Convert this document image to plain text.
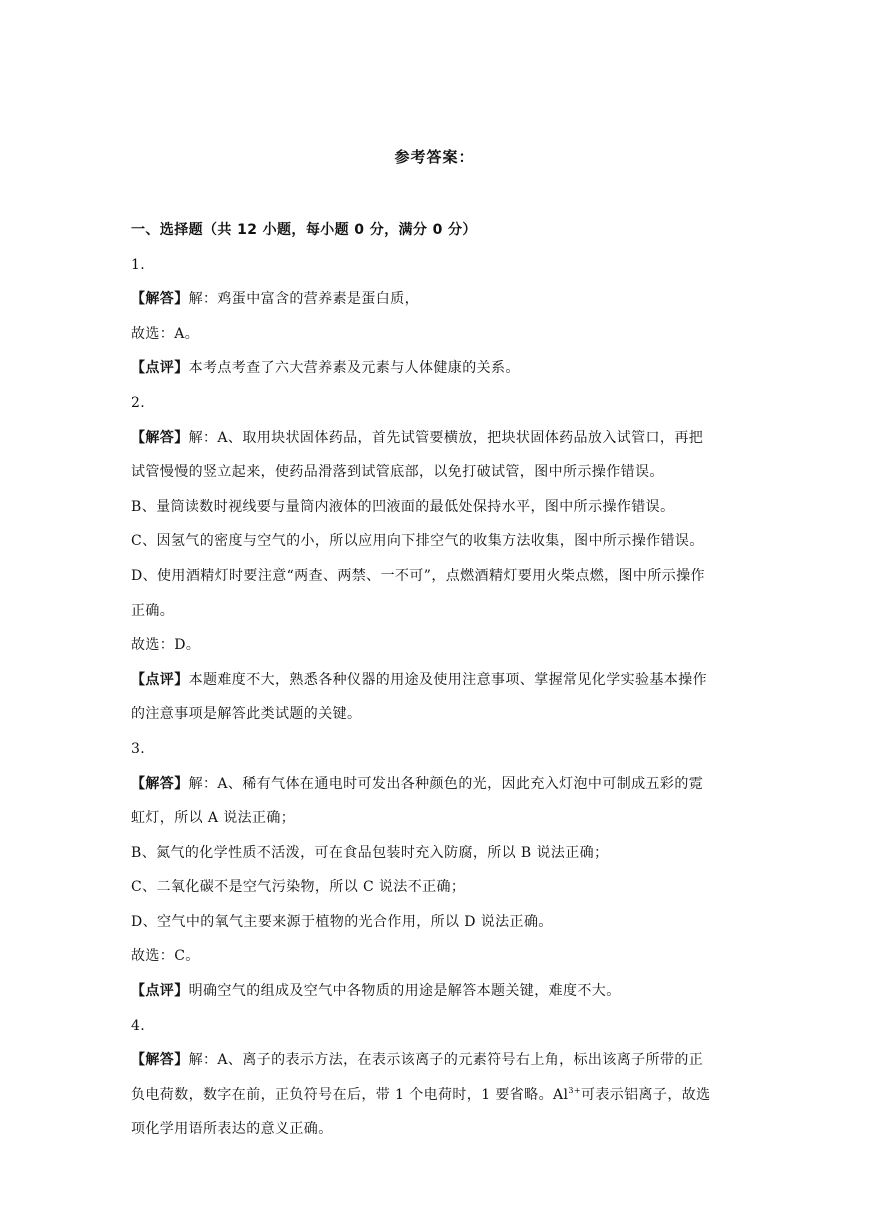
参考答案：
一、选择题（共 12 小题，每小题 0 分，满分 0 分）
1.
【解答】解：鸡蛋中富含的营养素是蛋白质，
故选：A。
【点评】本考点考查了六大营养素及元素与人体健康的关系。
2.
【解答】解：A、取用块状固体药品，首先试管要横放，把块状固体药品放入试管口，再把
试管慢慢的竖立起来，使药品滑落到试管底部，以免打破试管，图中所示操作错误。
B、量筒读数时视线要与量筒内液体的凹液面的最低处保持水平，图中所示操作错误。
C、因氢气的密度与空气的小，所以应用向下排空气的收集方法收集，图中所示操作错误。
D、使用酒精灯时要注意“两查、两禁、一不可”，点燃酒精灯要用火柴点燃，图中所示操作
正确。
故选：D。
【点评】本题难度不大，熟悉各种仪器的用途及使用注意事项、掌握常见化学实验基本操作
的注意事项是解答此类试题的关键。
3.
【解答】解：A、稀有气体在通电时可发出各种颜色的光，因此充入灯泡中可制成五彩的霓
虹灯，所以 A 说法正确；
B、氮气的化学性质不活泼，可在食品包装时充入防腐，所以 B 说法正确；
C、二氧化碳不是空气污染物，所以 C 说法不正确；
D、空气中的氧气主要来源于植物的光合作用，所以 D 说法正确。
故选：C。
【点评】明确空气的组成及空气中各物质的用途是解答本题关键，难度不大。
4.
【解答】解：A、离子的表示方法，在表示该离子的元素符号右上角，标出该离子所带的正
负电荷数，数字在前，正负符号在后，带 1 个电荷时，1 要省略。$Al^{3+}$可表示铝离子，故选
项化学用语所表达的意义正确。
